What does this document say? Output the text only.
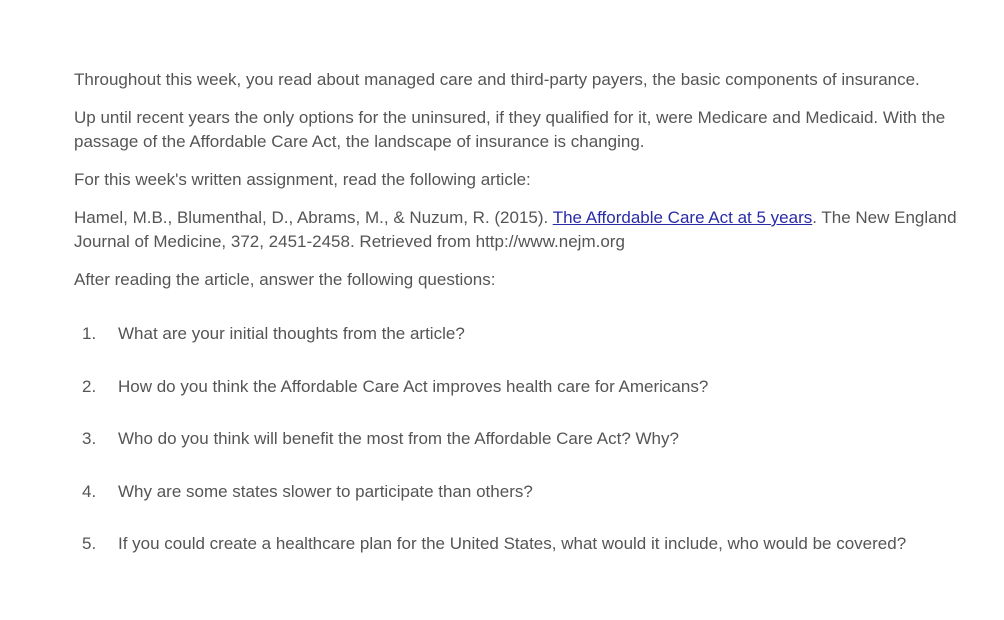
Throughout this week, you read about managed care and third-party payers, the basic components of insurance.

Up until recent years the only options for the uninsured, if they qualified for it, were Medicare and Medicaid. With the passage of the Affordable Care Act, the landscape of insurance is changing.

For this week's written assignment, read the following article:

Hamel, M.B., Blumenthal, D., Abrams, M., & Nuzum, R. (2015). The Affordable Care Act at 5 years. The New England Journal of Medicine, 372, 2451-2458. Retrieved from http://www.nejm.org

After reading the article, answer the following questions:

1. What are your initial thoughts from the article?
2. How do you think the Affordable Care Act improves health care for Americans?
3. Who do you think will benefit the most from the Affordable Care Act? Why?
4. Why are some states slower to participate than others?
5. If you could create a healthcare plan for the United States, what would it include, who would be covered?
